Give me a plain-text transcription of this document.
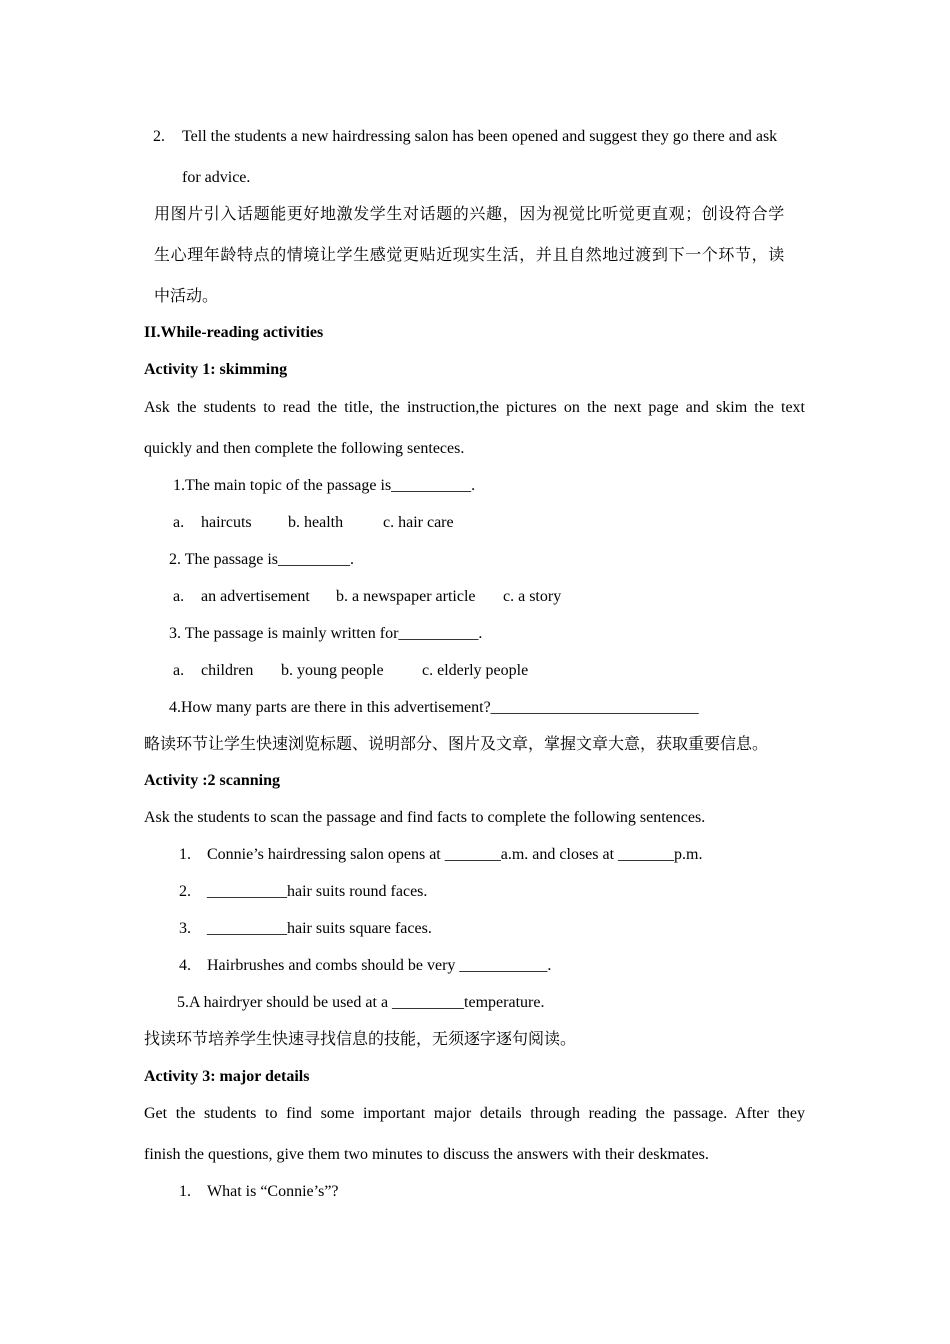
2. Tell the students a new hairdressing salon has been opened and suggest they go there and ask
for advice.
用图片引入话题能更好地激发学生对话题的兴趣，因为视觉比听觉更直观；创设符合学
生心理年龄特点的情境让学生感觉更贴近现实生活，并且自然地过渡到下一个环节，读
中活动。
II.While-reading activities
Activity 1: skimming
Ask the students to read the title, the instruction,the pictures on the next page and skim the text
quickly and then complete the following senteces.
1.The main topic of the passage is__________.
a. haircuts b. health c. hair care
2. The passage is_________.
a. an advertisement b. a newspaper article c. a story
3. The passage is mainly written for__________.
a. children b. young people c. elderly people
4.How many parts are there in this advertisement?__________________________
略读环节让学生快速浏览标题、说明部分、图片及文章，掌握文章大意，获取重要信息。
Activity :2 scanning
Ask the students to scan the passage and find facts to complete the following sentences.
1. Connie’s hairdressing salon opens at _______a.m. and closes at _______p.m.
2. __________hair suits round faces.
3. __________hair suits square faces.
4. Hairbrushes and combs should be very ___________.
5.A hairdryer should be used at a _________temperature.
找读环节培养学生快速寻找信息的技能，无须逐字逐句阅读。
Activity 3: major details
Get the students to find some important major details through reading the passage. After they
finish the questions, give them two minutes to discuss the answers with their deskmates.
1. What is “Connie’s”?
